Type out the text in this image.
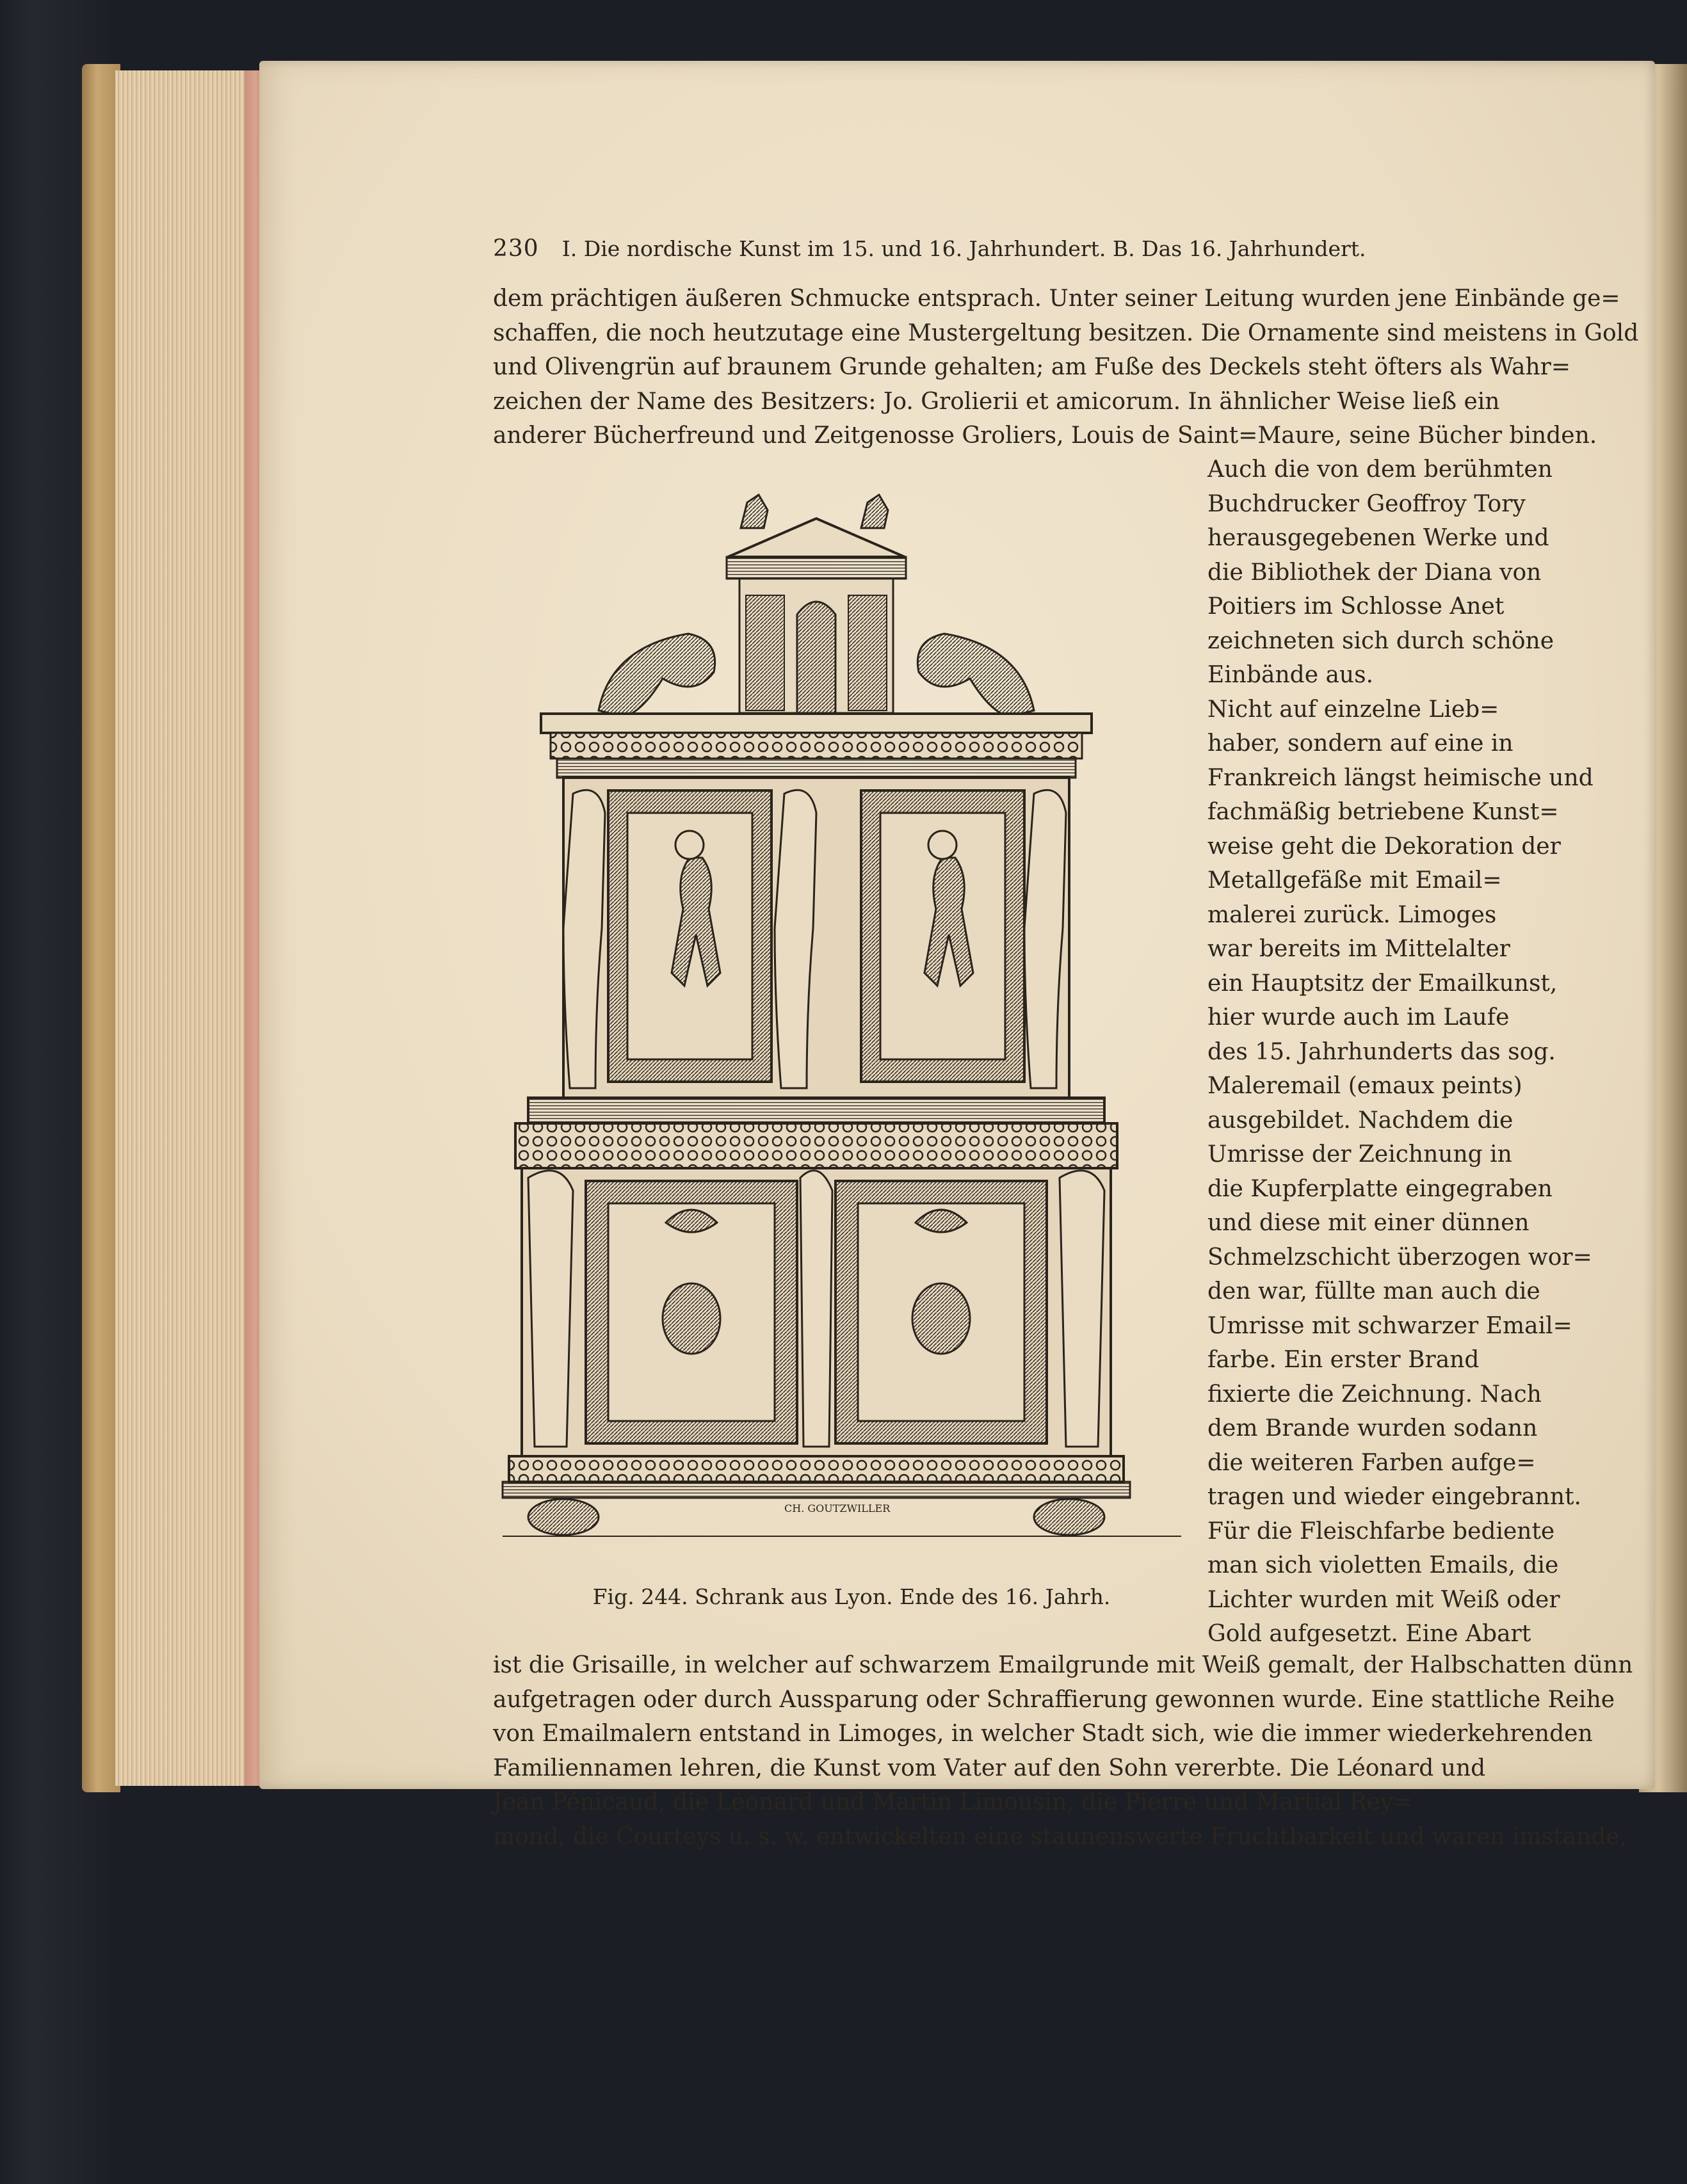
230 I. Die nordische Kunst im 15. und 16. Jahrhundert. B. Das 16. Jahrhundert.
dem prächtigen äußeren Schmucke entsprach. Unter seiner Leitung wurden jene Einbände ge=
schaffen, die noch heutzutage eine Mustergeltung besitzen. Die Ornamente sind meistens in Gold
und Olivengrün auf braunem Grunde gehalten; am Fuße des Deckels steht öfters als Wahr=
zeichen der Name des Besitzers: Jo. Grolierii et amicorum. In ähnlicher Weise ließ ein
anderer Bücherfreund und Zeitgenosse Groliers, Louis de Saint=Maure, seine Bücher binden.
Auch die von dem berühmten
Buchdrucker Geoffroy Tory
herausgegebenen Werke und
die Bibliothek der Diana von
Poitiers im Schlosse Anet
zeichneten sich durch schöne
Einbände aus.
Nicht auf einzelne Lieb=
haber, sondern auf eine in
Frankreich längst heimische und
fachmäßig betriebene Kunst=
weise geht die Dekoration der
Metallgefäße mit Email=
malerei zurück. Limoges
war bereits im Mittelalter
ein Hauptsitz der Emailkunst,
hier wurde auch im Laufe
des 15. Jahrhunderts das sog.
Maleremail (emaux peints)
ausgebildet. Nachdem die
Umrisse der Zeichnung in
die Kupferplatte eingegraben
und diese mit einer dünnen
Schmelzschicht überzogen wor=
den war, füllte man auch die
Umrisse mit schwarzer Email=
farbe. Ein erster Brand
fixierte die Zeichnung. Nach
dem Brande wurden sodann
die weiteren Farben aufge=
tragen und wieder eingebrannt.
Für die Fleischfarbe bediente
man sich violetten Emails, die
Lichter wurden mit Weiß oder
Gold aufgesetzt. Eine Abart
CH. GOUTZWILLER
Fig. 244. Schrank aus Lyon. Ende des 16. Jahrh.
ist die Grisaille, in welcher auf schwarzem Emailgrunde mit Weiß gemalt, der Halbschatten dünn
aufgetragen oder durch Aussparung oder Schraffierung gewonnen wurde. Eine stattliche Reihe
von Emailmalern entstand in Limoges, in welcher Stadt sich, wie die immer wiederkehrenden
Familiennamen lehren, die Kunst vom Vater auf den Sohn vererbte. Die Léonard und
Jean Pénicaud, die Léonard und Martin Limousin, die Pierre und Martial Rey=
mond, die Courteys u. s. w. entwickelten eine staunenswerte Fruchtbarkeit und waren imstande,
